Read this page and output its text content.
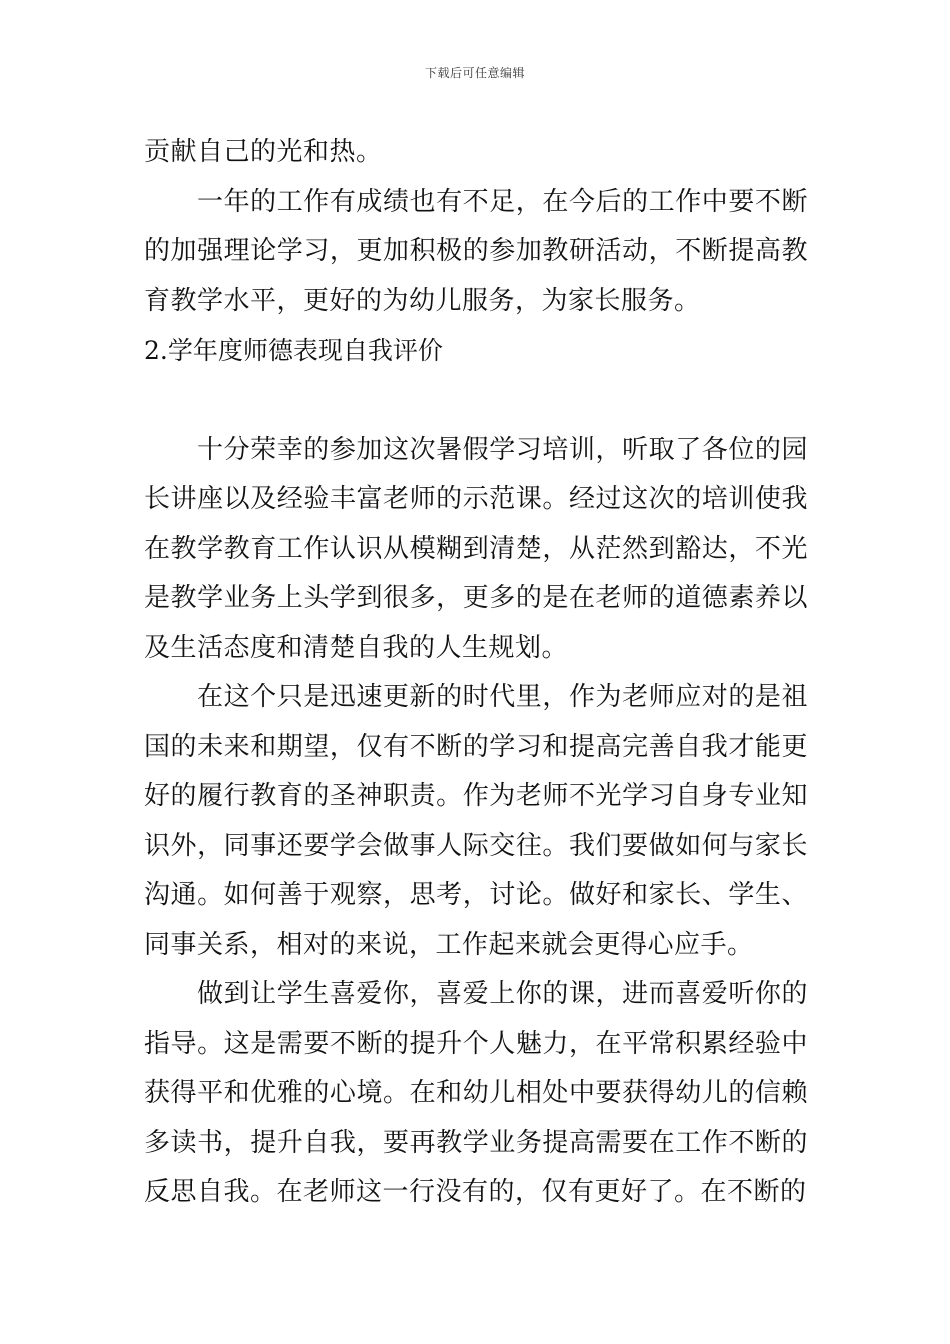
下载后可任意编辑

贡献自己的光和热。

一年的工作有成绩也有不足，在今后的工作中要不断的加强理论学习，更加积极的参加教研活动，不断提高教育教学水平，更好的为幼儿服务，为家长服务。

2.学年度师德表现自我评价

十分荣幸的参加这次暑假学习培训，听取了各位的园长讲座以及经验丰富老师的示范课。经过这次的培训使我在教学教育工作认识从模糊到清楚，从茫然到豁达，不光是教学业务上头学到很多，更多的是在老师的道德素养以及生活态度和清楚自我的人生规划。

在这个只是迅速更新的时代里，作为老师应对的是祖国的未来和期望，仅有不断的学习和提高完善自我才能更好的履行教育的圣神职责。作为老师不光学习自身专业知识外，同事还要学会做事人际交往。我们要做如何与家长沟通。如何善于观察，思考，讨论。做好和家长、学生、同事关系，相对的来说，工作起来就会更得心应手。

做到让学生喜爱你，喜爱上你的课，进而喜爱听你的指导。这是需要不断的提升个人魅力，在平常积累经验中获得平和优雅的心境。在和幼儿相处中要获得幼儿的信赖多读书，提升自我，要再教学业务提高需要在工作不断的反思自我。在老师这一行没有的，仅有更好了。在不断的
